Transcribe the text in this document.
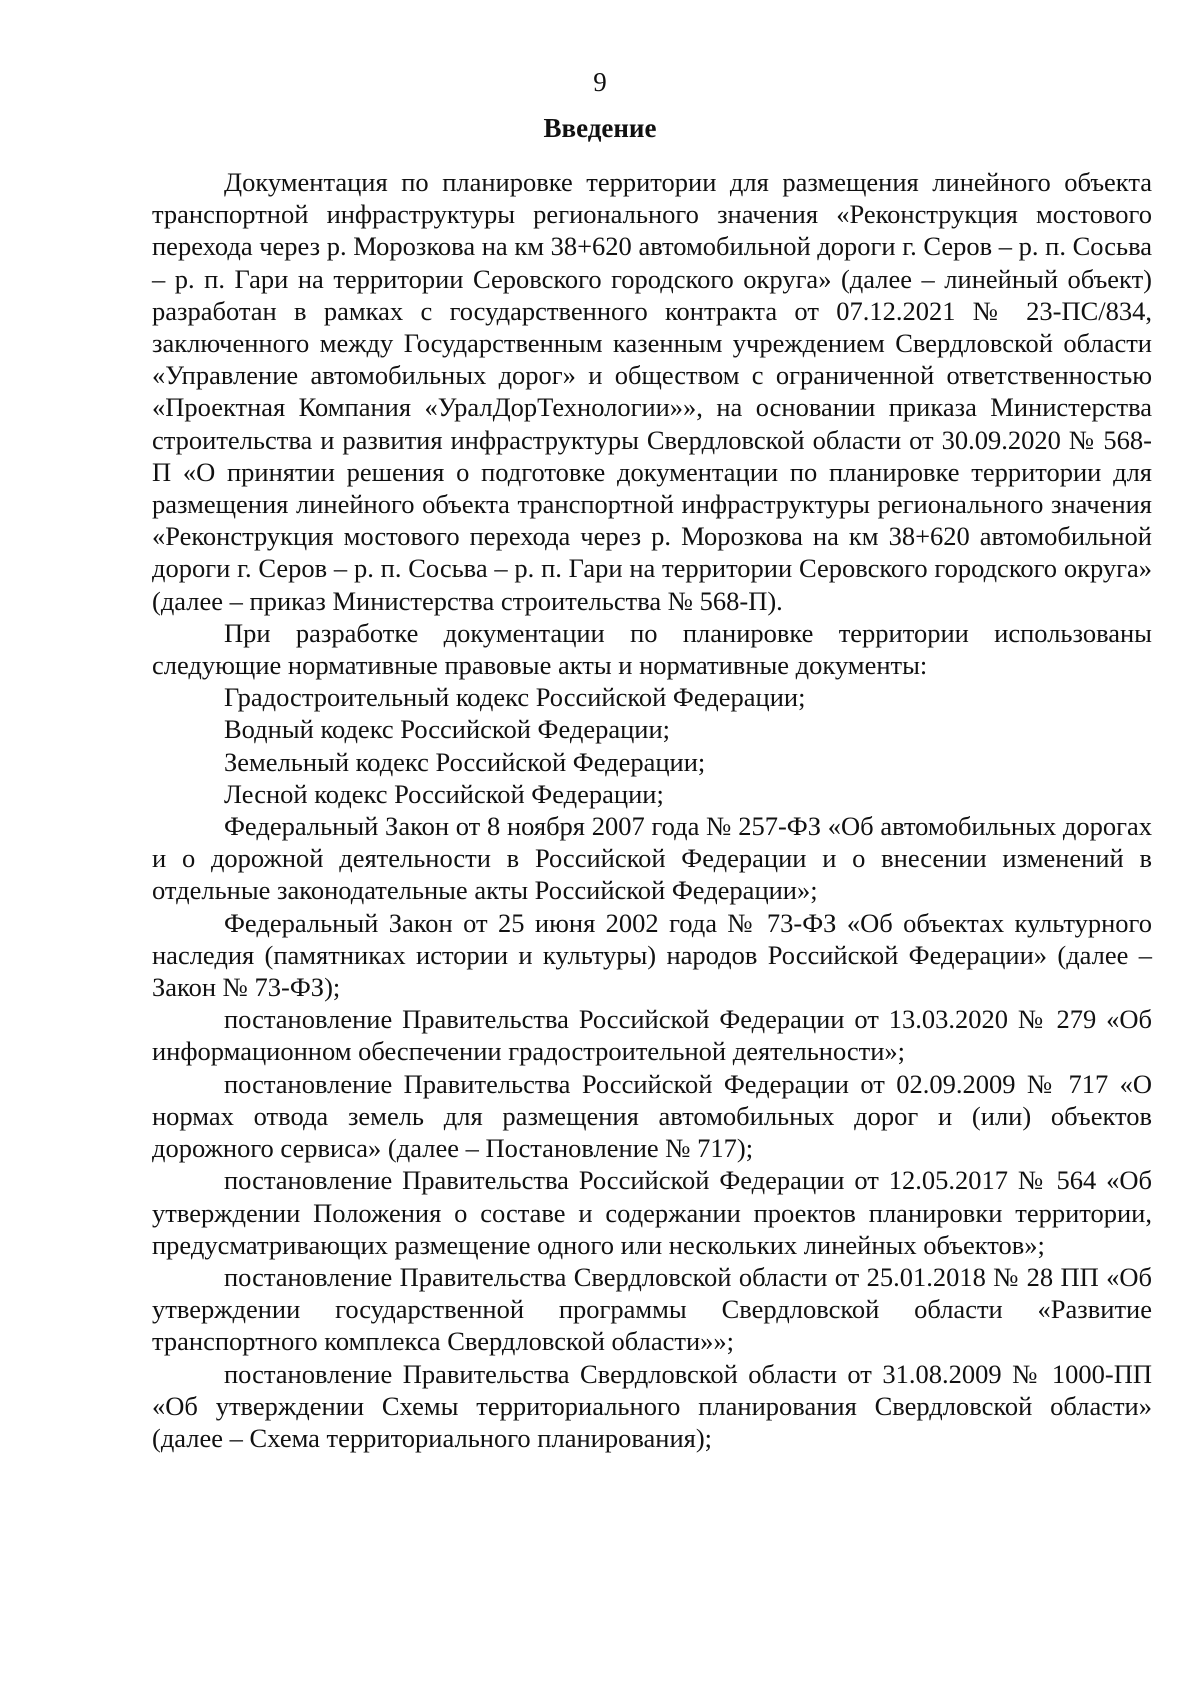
9
Введение

Документация по планировке территории для размещения линейного объекта транспортной инфраструктуры регионального значения «Реконструкция мостового перехода через р. Морозкова на км 38+620 автомобильной дороги г. Серов – р. п. Сосьва – р. п. Гари на территории Серовского городского округа» (далее – линейный объект) разработан в рамках с государственного контракта от 07.12.2021 № 23-ПС/834, заключенного между Государственным казенным учреждением Свердловской области «Управление автомобильных дорог» и обществом с ограниченной ответственностью «Проектная Компания «УралДорТехнологии»», на основании приказа Министерства строительства и развития инфраструктуры Свердловской области от 30.09.2020 № 568-П «О принятии решения о подготовке документации по планировке территории для размещения линейного объекта транспортной инфраструктуры регионального значения «Реконструкция мостового перехода через р. Морозкова на км 38+620 автомобильной дороги г. Серов – р. п. Сосьва – р. п. Гари на территории Серовского городского округа» (далее – приказ Министерства строительства № 568-П).

При разработке документации по планировке территории использованы следующие нормативные правовые акты и нормативные документы:

Градостроительный кодекс Российской Федерации;

Водный кодекс Российской Федерации;

Земельный кодекс Российской Федерации;

Лесной кодекс Российской Федерации;

Федеральный Закон от 8 ноября 2007 года № 257-ФЗ «Об автомобильных дорогах и о дорожной деятельности в Российской Федерации и о внесении изменений в отдельные законодательные акты Российской Федерации»;

Федеральный Закон от 25 июня 2002 года № 73-ФЗ «Об объектах культурного наследия (памятниках истории и культуры) народов Российской Федерации» (далее –Закон № 73-ФЗ);

постановление Правительства Российской Федерации от 13.03.2020 № 279 «Об информационном обеспечении градостроительной деятельности»;

постановление Правительства Российской Федерации от 02.09.2009 № 717 «О нормах отвода земель для размещения автомобильных дорог и (или) объектов дорожного сервиса» (далее – Постановление № 717);

постановление Правительства Российской Федерации от 12.05.2017 № 564 «Об утверждении Положения о составе и содержании проектов планировки территории, предусматривающих размещение одного или нескольких линейных объектов»;

постановление Правительства Свердловской области от 25.01.2018 № 28 ПП «Об утверждении государственной программы Свердловской области «Развитие транспортного комплекса Свердловской области»»;

постановление Правительства Свердловской области от 31.08.2009 № 1000-ПП «Об утверждении Схемы территориального планирования Свердловской области» (далее – Схема территориального планирования);
